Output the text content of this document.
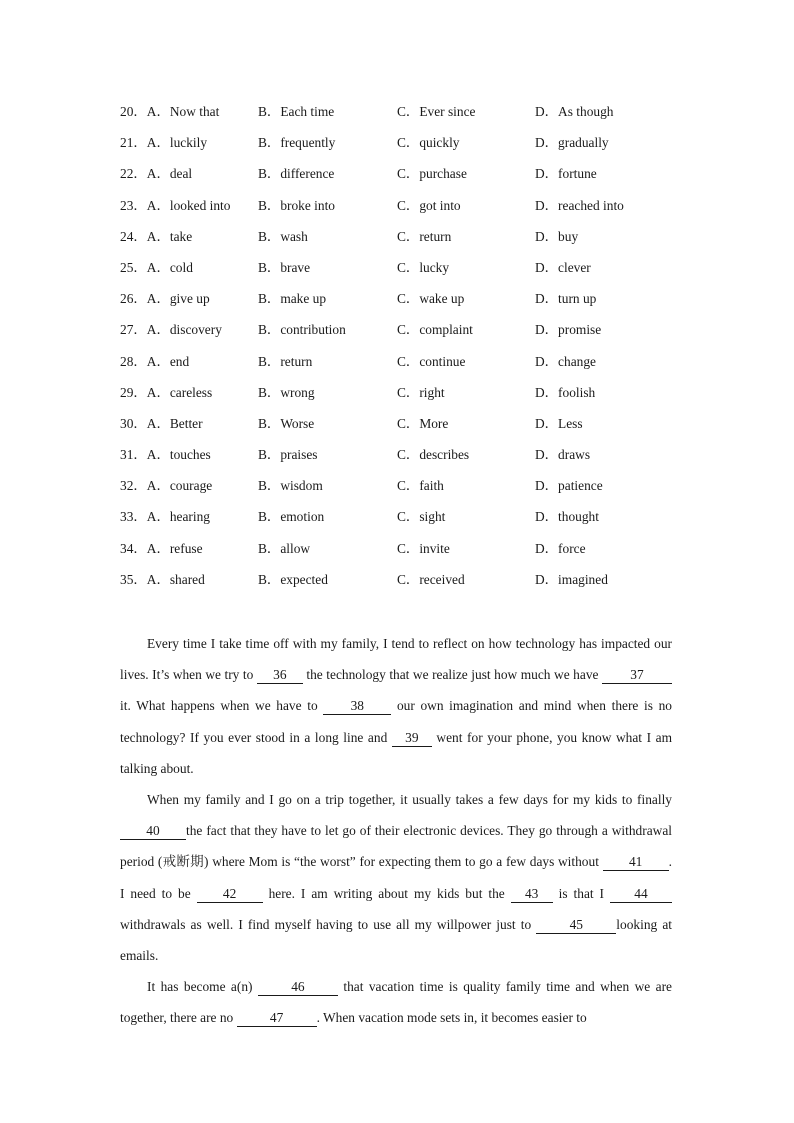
20．A．Now that	B．Each time	C．Ever since	D．As though
21．A．luckily	B．frequently	C．quickly	D．gradually
22．A．deal	B．difference	C．purchase	D．fortune
23．A．looked into B．broke into	C．got into	D．reached into
24．A．take	B．wash	C．return	D．buy
25．A．cold	B．brave	C．lucky	D．clever
26．A．give up	B．make up	C．wake up	D．turn up
27．A．discovery	B．contribution	C．complaint	D．promise
28．A．end	B．return	C．continue	D．change
29．A．careless	B．wrong	C．right	D．foolish
30．A．Better	B．Worse	C．More	D．Less
31．A．touches	B．praises	C．describes	D．draws
32．A．courage	B．wisdom	C．faith	D．patience
33．A．hearing	B．emotion	C．sight	D．thought
34．A．refuse	B．allow	C．invite	D．force
35．A．shared	B．expected	C．received	D．imagined

Every time I take time off with my family, I tend to reflect on how technology has impacted our lives. It’s when we try to 36 the technology that we realize just how much we have 37 it. What happens when we have to 38 our own imagination and mind when there is no technology? If you ever stood in a long line and 39 went for your phone, you know what I am talking about.

When my family and I go on a trip together, it usually takes a few days for my kids to finally 40 the fact that they have to let go of their electronic devices. They go through a withdrawal period (戒断期) where Mom is “the worst” for expecting them to go a few days without 41 . I need to be 42 here. I am writing about my kids but the 43 is that I 44 withdrawals as well. I find myself having to use all my willpower just to 45 looking at emails.

It has become a(n) 46 that vacation time is quality family time and when we are together, there are no 47 . When vacation mode sets in, it becomes easier to
